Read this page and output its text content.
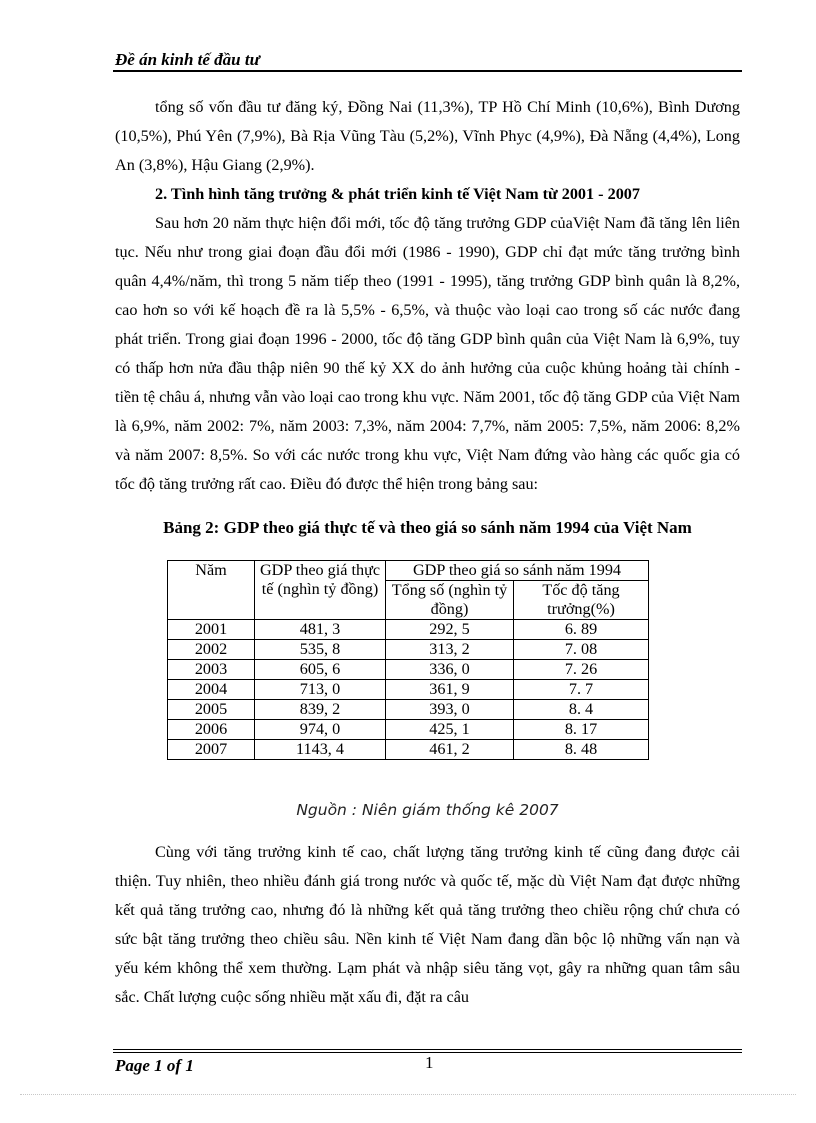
Đề án kinh tế đầu tư

tổng số vốn đầu tư đăng ký, Đồng Nai (11,3%), TP Hồ Chí Minh (10,6%), Bình Dương (10,5%), Phú Yên (7,9%), Bà Rịa Vũng Tàu (5,2%), Vĩnh Phyc (4,9%), Đà Nẵng (4,4%), Long An (3,8%), Hậu Giang (2,9%).

2. Tình hình tăng trưởng & phát triển kinh tế Việt Nam từ 2001 - 2007

Sau hơn 20 năm thực hiện đổi mới, tốc độ tăng trưởng GDP củaViệt Nam đã tăng lên liên tục. Nếu như trong giai đoạn đầu đổi mới (1986 - 1990), GDP chỉ đạt mức tăng trưởng bình quân 4,4%/năm, thì trong 5 năm tiếp theo (1991 - 1995), tăng trưởng GDP bình quân là 8,2%, cao hơn so với kế hoạch đề ra là 5,5% - 6,5%, và thuộc vào loại cao trong số các nước đang phát triển. Trong giai đoạn 1996 - 2000, tốc độ tăng GDP bình quân của Việt Nam là 6,9%, tuy có thấp hơn nửa đầu thập niên 90 thế kỷ XX do ảnh hưởng của cuộc khủng hoảng tài chính - tiền tệ châu á, nhưng vẫn vào loại cao trong khu vực. Năm 2001, tốc độ tăng GDP của Việt Nam là 6,9%, năm 2002: 7%, năm 2003: 7,3%, năm 2004: 7,7%, năm 2005: 7,5%, năm 2006: 8,2% và năm 2007: 8,5%. So với các nước trong khu vực, Việt Nam đứng vào hàng các quốc gia có tốc độ tăng trưởng rất cao. Điều đó được thể hiện trong bảng sau:

Bảng 2: GDP theo giá thực tế và theo giá so sánh năm 1994 của Việt Nam
Năm	GDP theo giá thực tế (nghìn tỷ đồng)	GDP theo giá so sánh năm 1994	
		Tổng số (nghìn tỷ đồng)	Tốc độ tăng trưởng(%)
2001	481, 3	292, 5	6. 89
2002	535, 8	313, 2	7. 08
2003	605, 6	336, 0	7. 26
2004	713, 0	361, 9	7. 7
2005	839, 2	393, 0	8. 4
2006	974, 0	425, 1	8. 17
2007	1143, 4	461, 2	8. 48
Nguồn : Niên giám thống kê 2007

Cùng với tăng trưởng kinh tế cao, chất lượng tăng trưởng kinh tế cũng đang được cải thiện. Tuy nhiên, theo nhiều đánh giá trong nước và quốc tế, mặc dù Việt Nam đạt được những kết quả tăng trưởng cao, nhưng đó là những kết quả tăng trưởng theo chiều rộng chứ chưa có sức bật tăng trưởng theo chiều sâu. Nền kinh tế Việt Nam đang dần bộc lộ những vấn nạn và yếu kém không thể xem thường. Lạm phát và nhập siêu tăng vọt, gây ra những quan tâm sâu sắc. Chất lượng cuộc sống nhiều mặt xấu đi, đặt ra câu

Page 1 of 1	1
